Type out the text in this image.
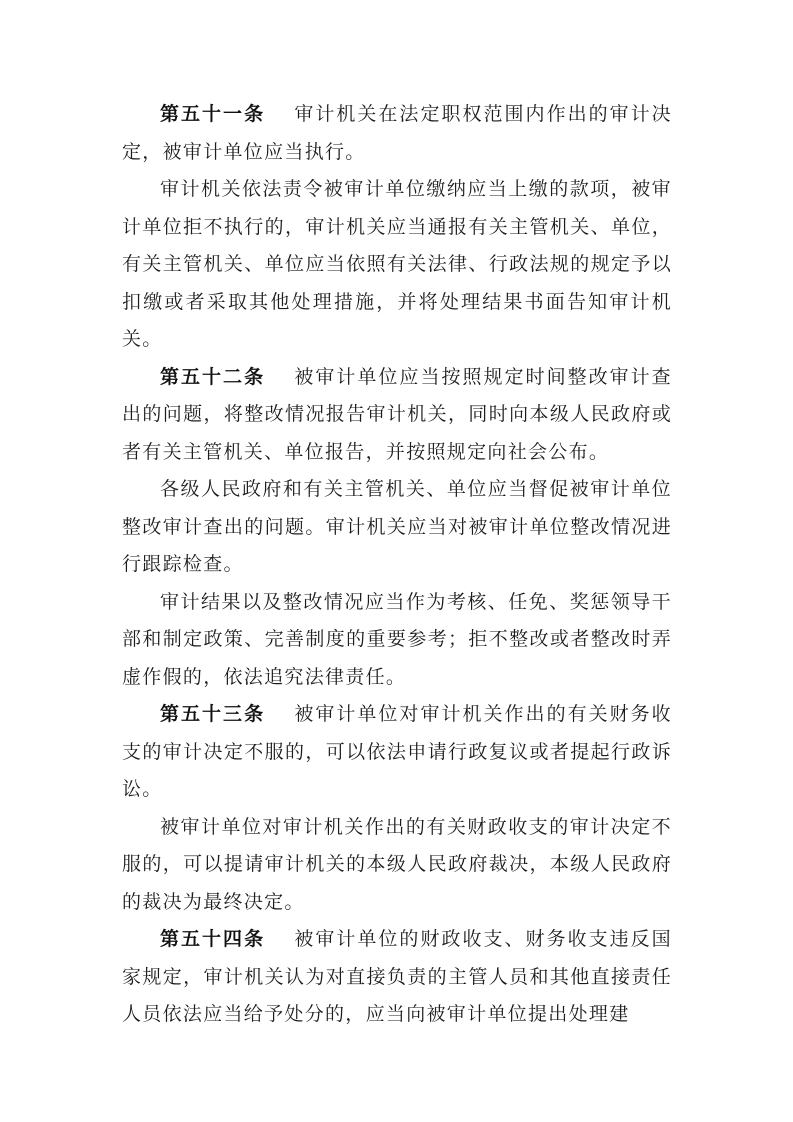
第五十一条 审计机关在法定职权范围内作出的审计决定，被审计单位应当执行。

审计机关依法责令被审计单位缴纳应当上缴的款项，被审计单位拒不执行的，审计机关应当通报有关主管机关、单位，有关主管机关、单位应当依照有关法律、行政法规的规定予以扣缴或者采取其他处理措施，并将处理结果书面告知审计机关。

第五十二条 被审计单位应当按照规定时间整改审计查出的问题，将整改情况报告审计机关，同时向本级人民政府或者有关主管机关、单位报告，并按照规定向社会公布。

各级人民政府和有关主管机关、单位应当督促被审计单位整改审计查出的问题。审计机关应当对被审计单位整改情况进行跟踪检查。

审计结果以及整改情况应当作为考核、任免、奖惩领导干部和制定政策、完善制度的重要参考；拒不整改或者整改时弄虚作假的，依法追究法律责任。

第五十三条 被审计单位对审计机关作出的有关财务收支的审计决定不服的，可以依法申请行政复议或者提起行政诉讼。

被审计单位对审计机关作出的有关财政收支的审计决定不服的，可以提请审计机关的本级人民政府裁决，本级人民政府的裁决为最终决定。

第五十四条 被审计单位的财政收支、财务收支违反国家规定，审计机关认为对直接负责的主管人员和其他直接责任人员依法应当给予处分的，应当向被审计单位提出处理建
